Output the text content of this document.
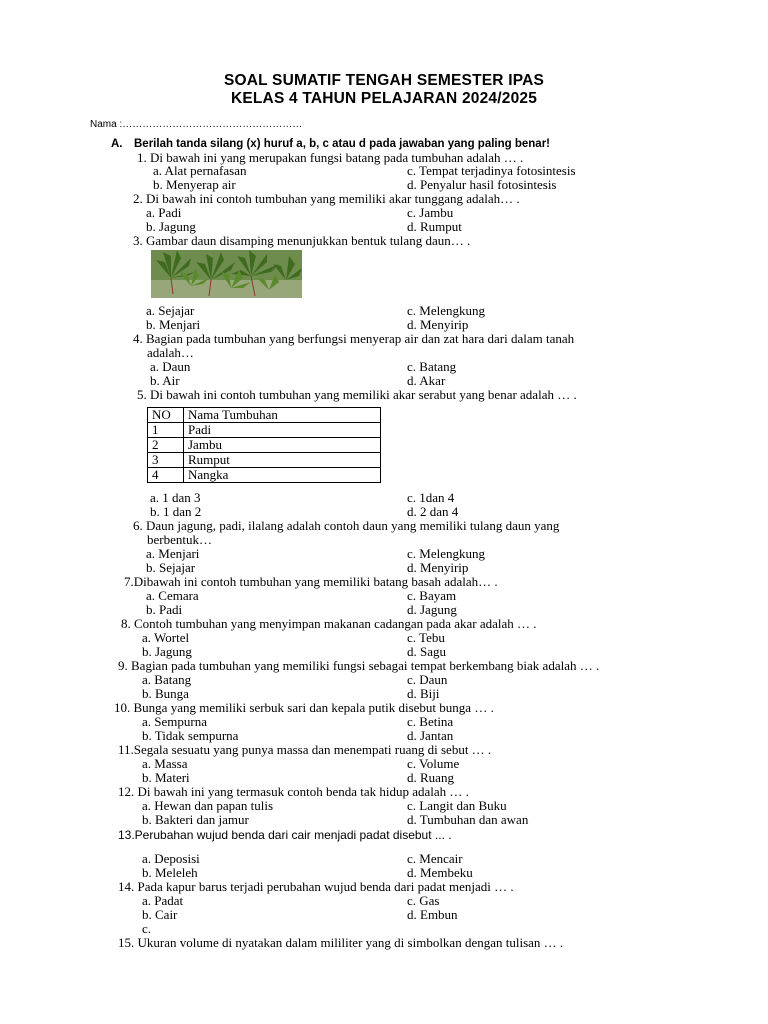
SOAL SUMATIF TENGAH SEMESTER IPAS
KELAS 4 TAHUN PELAJARAN 2024/2025
Nama :………………………………………………
A. Berilah tanda silang (x) huruf a, b, c atau d pada jawaban yang paling benar!
1. Di bawah ini yang merupakan fungsi batang pada tumbuhan adalah … .
a. Alat pernafasan
b. Menyerap air
c. Tempat terjadinya fotosintesis
d. Penyalur hasil fotosintesis
2. Di bawah ini contoh tumbuhan yang memiliki akar tunggang adalah… .
a. Padi
b. Jagung
c. Jambu
d. Rumput
3. Gambar daun disamping menunjukkan bentuk tulang daun… .
a. Sejajar
b. Menjari
c. Melengkung
d. Menyirip
4. Bagian pada tumbuhan yang berfungsi menyerap air dan zat hara dari dalam tanah
adalah…
a. Daun
b. Air
c. Batang
d. Akar
5. Di bawah ini contoh tumbuhan yang memiliki akar serabut yang benar adalah … .
NO	Nama Tumbuhan
1	Padi
2	Jambu
3	Rumput
4	Nangka
a. 1 dan 3
b. 1 dan 2
c. 1dan 4
d. 2 dan 4
6. Daun jagung, padi, ilalang adalah contoh daun yang memiliki tulang daun yang
berbentuk…
a. Menjari
b. Sejajar
c. Melengkung
d. Menyirip
7.Dibawah ini contoh tumbuhan yang memiliki batang basah adalah… .
a. Cemara
b. Padi
c. Bayam
d. Jagung
8. Contoh tumbuhan yang menyimpan makanan cadangan pada akar adalah … .
a. Wortel
b. Jagung
c. Tebu
d. Sagu
9. Bagian pada tumbuhan yang memiliki fungsi sebagai tempat berkembang biak adalah … .
a. Batang
b. Bunga
c. Daun
d. Biji
10. Bunga yang memiliki serbuk sari dan kepala putik disebut bunga … .
a. Sempurna
b. Tidak sempurna
c. Betina
d. Jantan
11.Segala sesuatu yang punya massa dan menempati ruang di sebut … .
a. Massa
b. Materi
c. Volume
d. Ruang
12. Di bawah ini yang termasuk contoh benda tak hidup adalah … .
a. Hewan dan papan tulis
b. Bakteri dan jamur
c. Langit dan Buku
d. Tumbuhan dan awan
13.Perubahan wujud benda dari cair menjadi padat disebut ... .
a. Deposisi
b. Meleleh
c. Mencair
d. Membeku
14. Pada kapur barus terjadi perubahan wujud benda dari padat menjadi … .
a. Padat
b. Cair
c.
c. Gas
d. Embun
15. Ukuran volume di nyatakan dalam mililiter yang di simbolkan dengan tulisan … .
